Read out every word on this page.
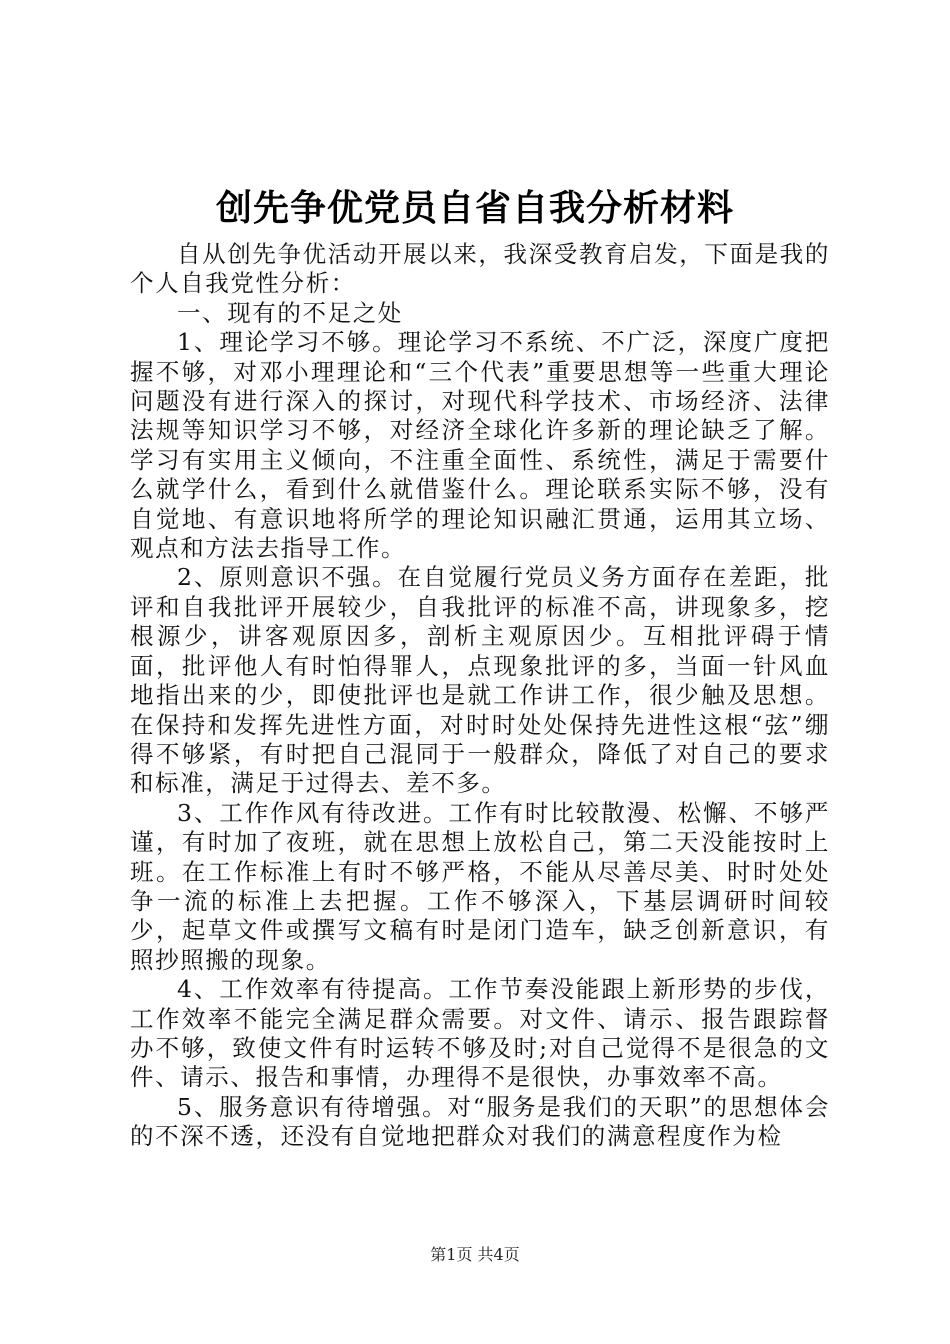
创先争优党员自省自我分析材料

自从创先争优活动开展以来，我深受教育启发，下面是我的个人自我党性分析：

一、现有的不足之处

1、理论学习不够。理论学习不系统、不广泛，深度广度把握不够，对邓小理理论和“三个代表”重要思想等一些重大理论问题没有进行深入的探讨，对现代科学技术、市场经济、法律法规等知识学习不够，对经济全球化许多新的理论缺乏了解。学习有实用主义倾向，不注重全面性、系统性，满足于需要什么就学什么，看到什么就借鉴什么。理论联系实际不够，没有自觉地、有意识地将所学的理论知识融汇贯通，运用其立场、观点和方法去指导工作。

2、原则意识不强。在自觉履行党员义务方面存在差距，批评和自我批评开展较少，自我批评的标准不高，讲现象多，挖根源少，讲客观原因多，剖析主观原因少。互相批评碍于情面，批评他人有时怕得罪人，点现象批评的多，当面一针风血地指出来的少，即使批评也是就工作讲工作，很少触及思想。在保持和发挥先进性方面，对时时处处保持先进性这根“弦”绷得不够紧，有时把自己混同于一般群众，降低了对自己的要求和标准，满足于过得去、差不多。

3、工作作风有待改进。工作有时比较散漫、松懈、不够严谨，有时加了夜班，就在思想上放松自己，第二天没能按时上班。在工作标准上有时不够严格，不能从尽善尽美、时时处处争一流的标准上去把握。工作不够深入，下基层调研时间较少，起草文件或撰写文稿有时是闭门造车，缺乏创新意识，有照抄照搬的现象。

4、工作效率有待提高。工作节奏没能跟上新形势的步伐，工作效率不能完全满足群众需要。对文件、请示、报告跟踪督办不够，致使文件有时运转不够及时;对自己觉得不是很急的文件、请示、报告和事情，办理得不是很快，办事效率不高。

5、服务意识有待增强。对“服务是我们的天职”的思想体会的不深不透，还没有自觉地把群众对我们的满意程度作为检

第1页 共4页
